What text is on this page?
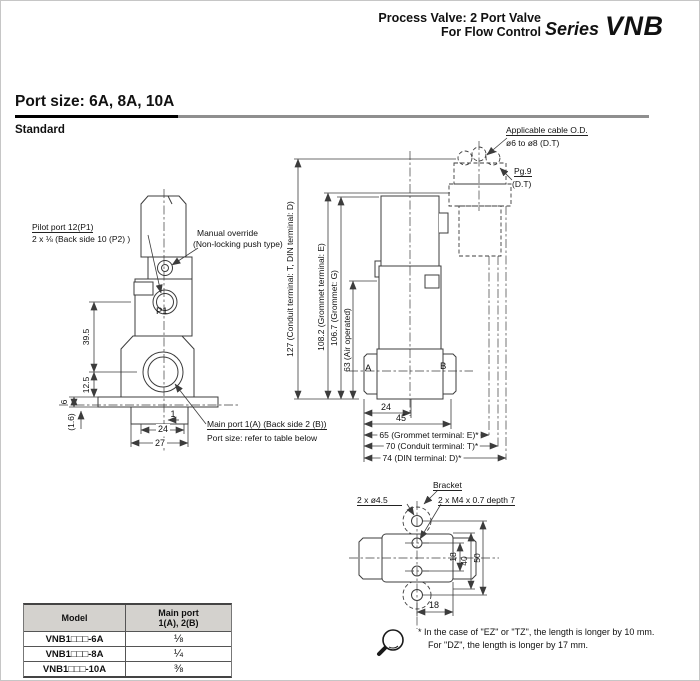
Process Valve: 2 Port Valve
For Flow Control Series VNB
Port size: 6A, 8A, 10A
Standard
Pilot port 12(P1)
2 x ⅛ (Back side 10 (P2) )
Manual override
(Non-locking push type)
P1
Main port 1(A) (Back side 2 (B))
Port size: refer to table below
39.5
12.5
6
(1.6)	1
24
27
Applicable cable O.D.
ø6 to ø8 (D.T)
Pg.9
(D.T)
A	B
127 (Conduit terminal: T, DIN terminal: D) 108.2 (Grommet terminal: E) 106.7 (Grommet: G) 63 (Air operated)
24
45
65 (Grommet terminal: E)*
70 (Conduit terminal: T)*
74 (DIN terminal: D)*
Bracket
2 x ø4.5	2 x M4 x 0.7 depth 7
18 40 50
18
Model	Main port
1(A), 2(B)
VNB1□□□-6A	⅛
VNB1□□□-8A	¼
VNB1□□□-10A	⅜
* In the case of "EZ" or "TZ", the length is longer by 10 mm.
For "DZ", the length is longer by 17 mm.
